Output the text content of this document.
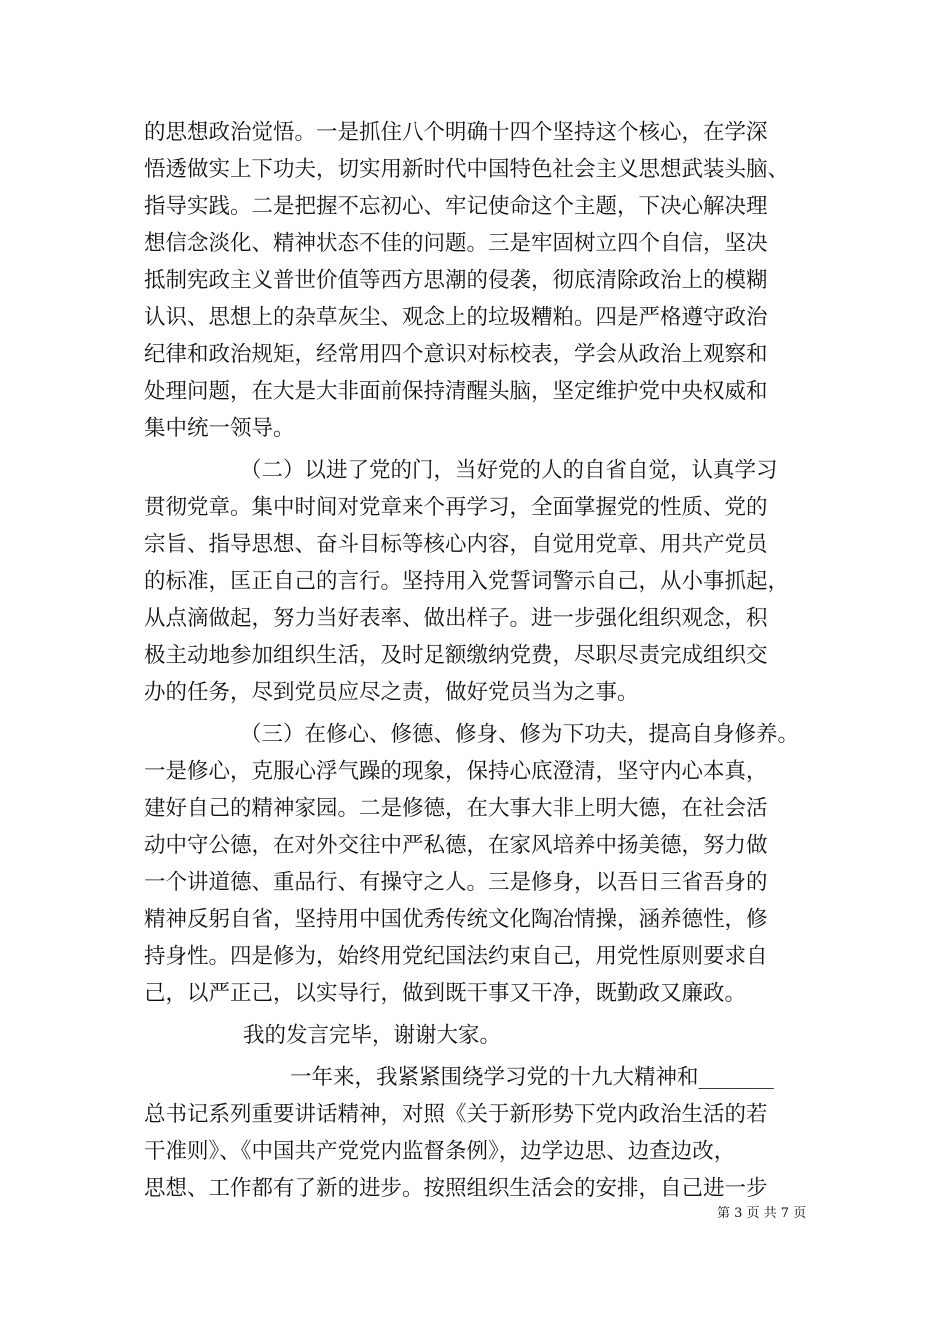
的思想政治觉悟。一是抓住八个明确十四个坚持这个核心，在学深
悟透做实上下功夫，切实用新时代中国特色社会主义思想武装头脑、
指导实践。二是把握不忘初心、牢记使命这个主题，下决心解决理
想信念淡化、精神状态不佳的问题。三是牢固树立四个自信，坚决
抵制宪政主义普世价值等西方思潮的侵袭，彻底清除政治上的模糊
认识、思想上的杂草灰尘、观念上的垃圾糟粕。四是严格遵守政治
纪律和政治规矩，经常用四个意识对标校表，学会从政治上观察和
处理问题，在大是大非面前保持清醒头脑，坚定维护党中央权威和
集中统一领导。
（二）以进了党的门，当好党的人的自省自觉，认真学习
贯彻党章。集中时间对党章来个再学习，全面掌握党的性质、党的
宗旨、指导思想、奋斗目标等核心内容，自觉用党章、用共产党员
的标准，匡正自己的言行。坚持用入党誓词警示自己，从小事抓起，
从点滴做起，努力当好表率、做出样子。进一步强化组织观念，积
极主动地参加组织生活，及时足额缴纳党费，尽职尽责完成组织交
办的任务，尽到党员应尽之责，做好党员当为之事。
（三）在修心、修德、修身、修为下功夫，提高自身修养。
一是修心，克服心浮气躁的现象，保持心底澄清，坚守内心本真，
建好自己的精神家园。二是修德，在大事大非上明大德，在社会活
动中守公德，在对外交往中严私德，在家风培养中扬美德，努力做
一个讲道德、重品行、有操守之人。三是修身，以吾日三省吾身的
精神反躬自省，坚持用中国优秀传统文化陶冶情操，涵养德性，修
持身性。四是修为，始终用党纪国法约束自己，用党性原则要求自
己，以严正己，以实导行，做到既干事又干净，既勤政又廉政。
我的发言完毕，谢谢大家。
一年来，我紧紧围绕学习党的十九大精神和_______
总书记系列重要讲话精神，对照《关于新形势下党内政治生活的若
干准则》、《中国共产党党内监督条例》，边学边思、边查边改，
思想、工作都有了新的进步。按照组织生活会的安排，自己进一步
第 3 页 共 7 页
